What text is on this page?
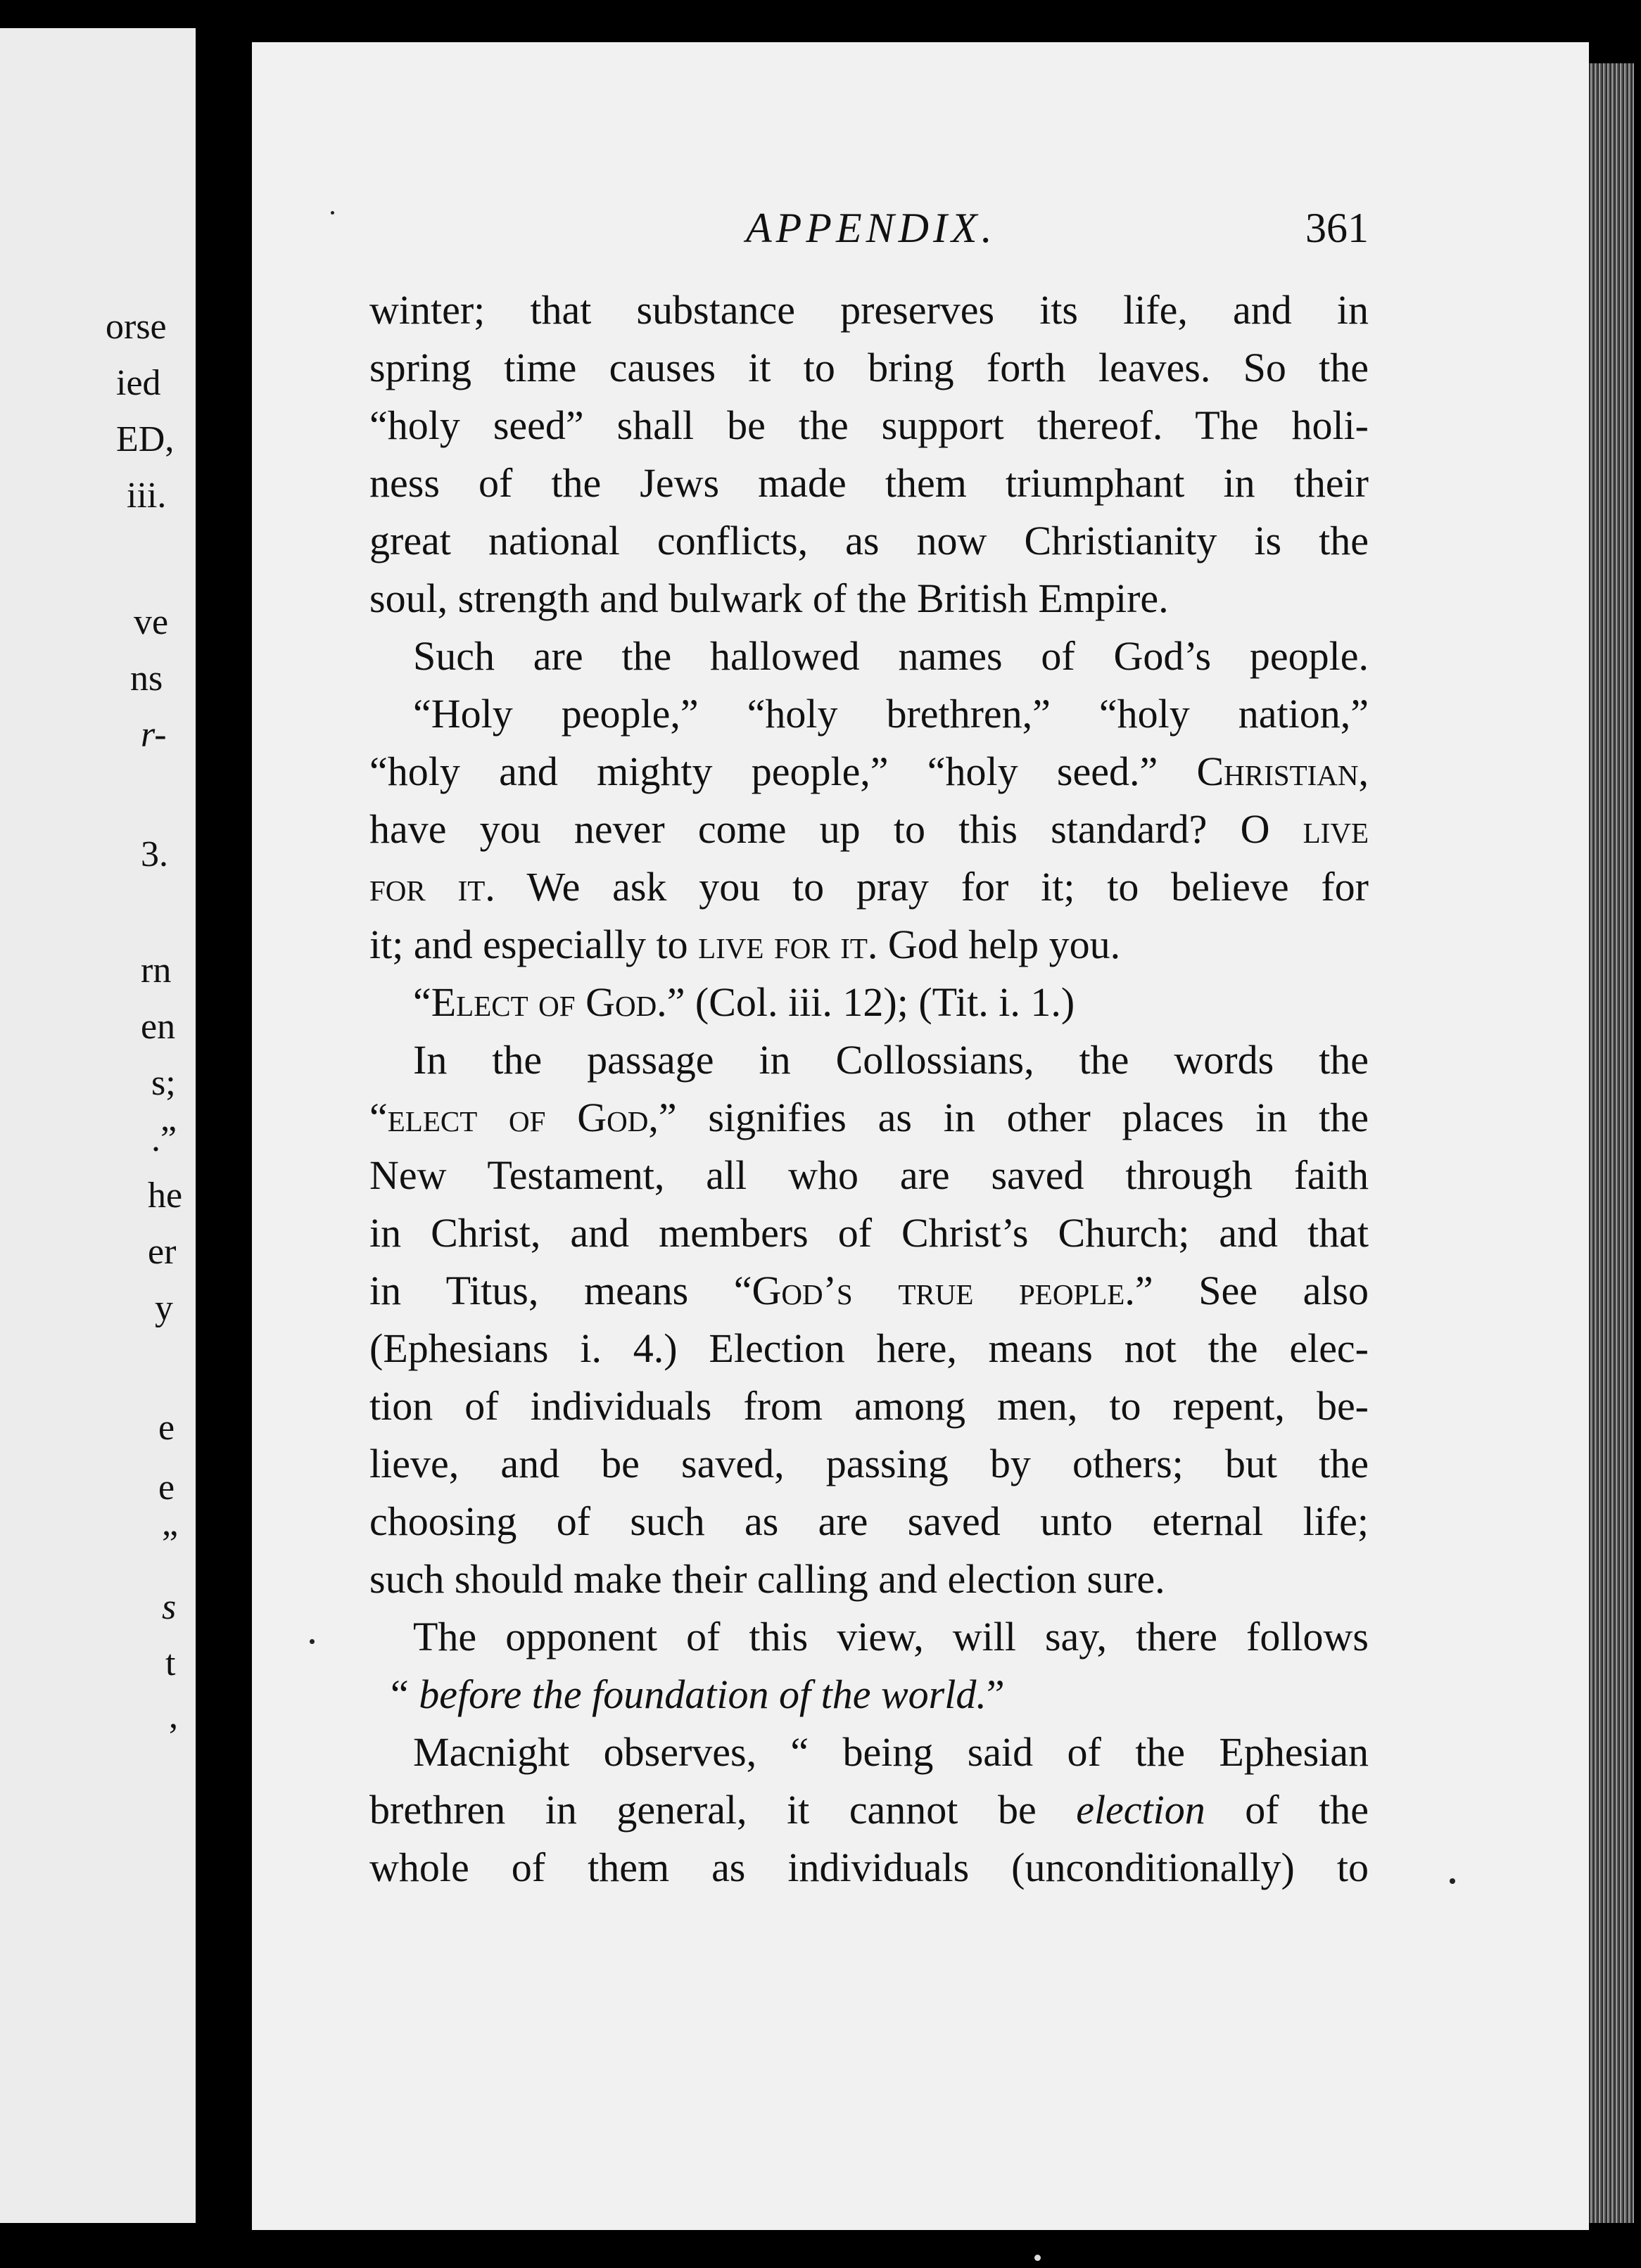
orse
ied
ED,
iii.
ve
ns
r-
3.
rn
en
s;
.”
he
er
y
e
e
”
s
t
,
APPENDIX.	361

winter; that substance preserves its life, and in

spring time causes it to bring forth leaves. So the

“holy seed” shall be the support thereof. The holi-

ness of the Jews made them triumphant in their

great national conflicts, as now Christianity is the

soul, strength and bulwark of the British Empire.

Such are the hallowed names of God’s people.

“Holy people,” “holy brethren,” “holy nation,”

“holy and mighty people,” “holy seed.” Christian,

have you never come up to this standard? O live

for it. We ask you to pray for it; to believe for

it; and especially to live for it. God help you.

“Elect of God.” (Col. iii. 12); (Tit. i. 1.)

In the passage in Collossians, the words the

“elect of God,” signifies as in other places in the

New Testament, all who are saved through faith

in Christ, and members of Christ’s Church; and that

in Titus, means “God’s true people.” See also

(Ephesians i. 4.) Election here, means not the elec-

tion of individuals from among men, to repent, be-

lieve, and be saved, passing by others; but the

choosing of such as are saved unto eternal life;

such should make their calling and election sure.

The opponent of this view, will say, there follows

“ before the foundation of the world.”

Macnight observes, “ being said of the Ephesian

brethren in general, it cannot be election of the

whole of them as individuals (unconditionally) to
